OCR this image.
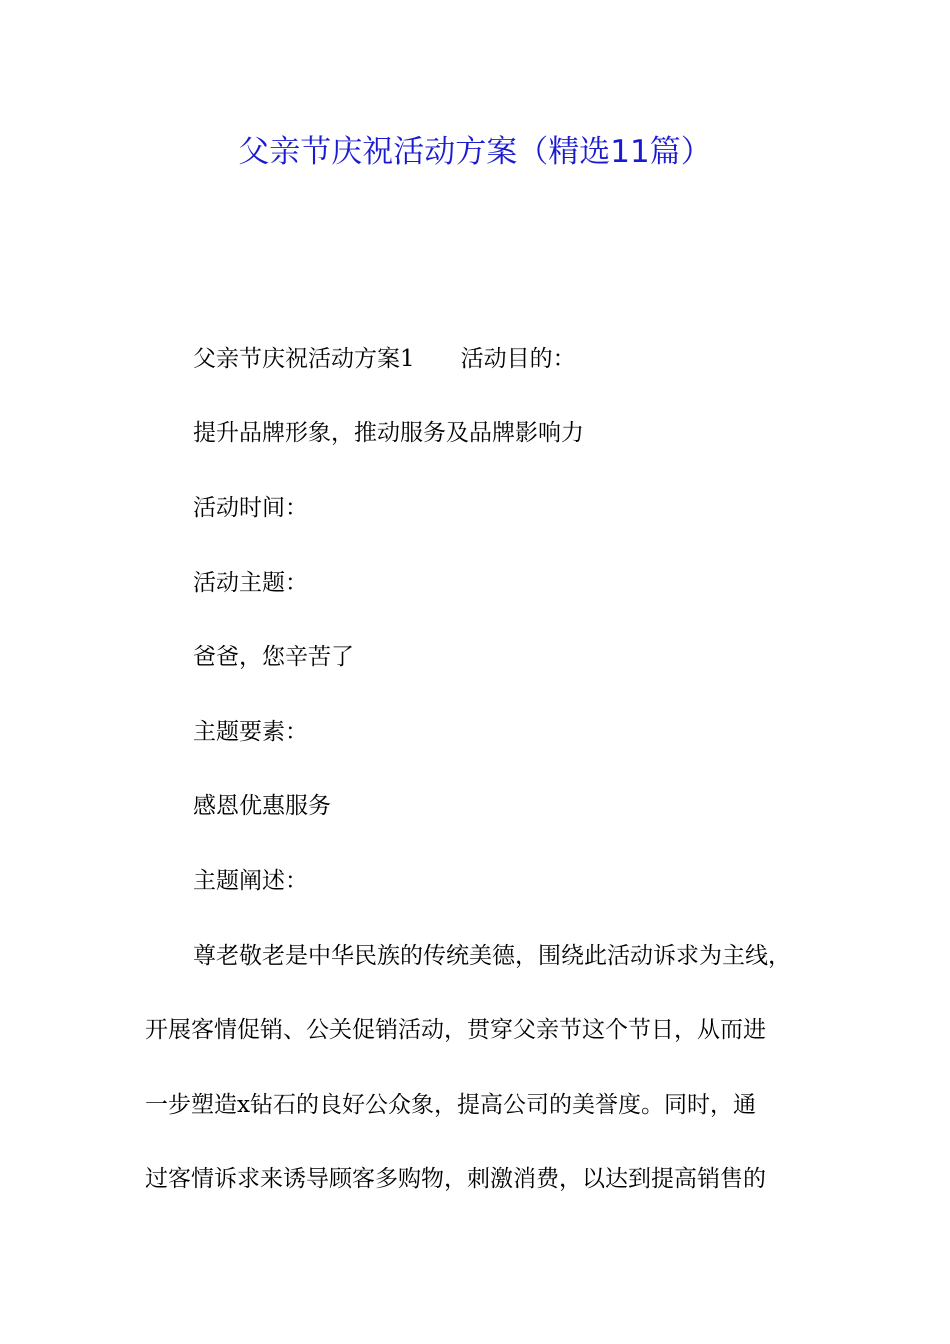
父亲节庆祝活动方案（精选11篇）

父亲节庆祝活动方案1 活动目的：

提升品牌形象，推动服务及品牌影响力

活动时间：

活动主题：

爸爸，您辛苦了

主题要素：

感恩优惠服务

主题阐述：

尊老敬老是中华民族的传统美德，围绕此活动诉求为主线，

开展客情促销、公关促销活动，贯穿父亲节这个节日，从而进

一步塑造x钻石的良好公众象，提高公司的美誉度。同时，通

过客情诉求来诱导顾客多购物，刺激消费，以达到提高销售的
